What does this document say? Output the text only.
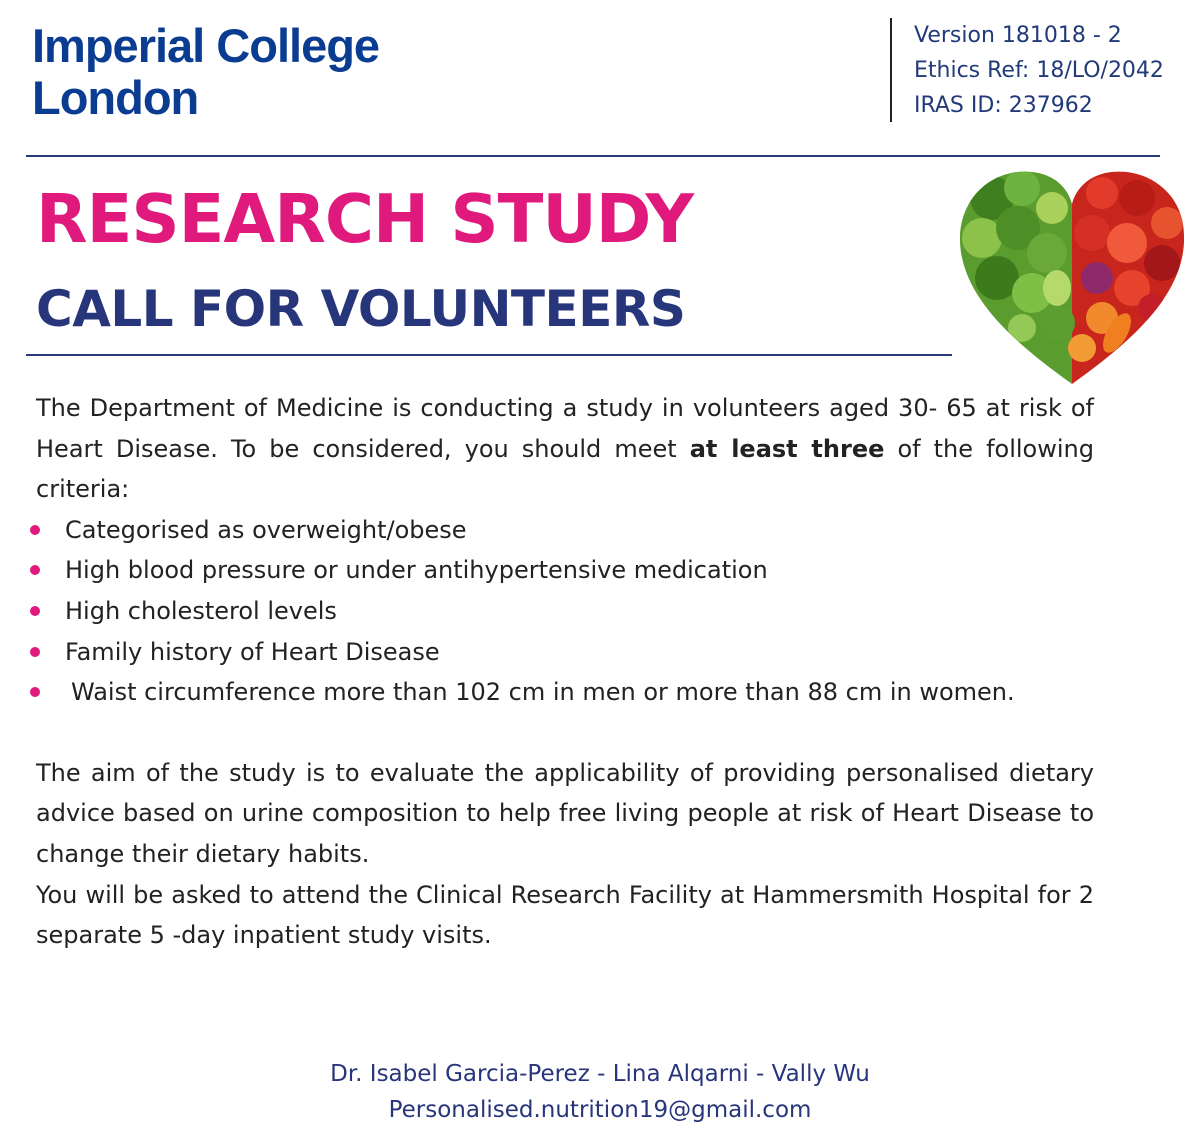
Imperial College
London
Version 181018 - 2
Ethics Ref: 18/LO/2042
IRAS ID: 237962
RESEARCH STUDY
CALL FOR VOLUNTEERS

The Department of Medicine is conducting a study in volunteers aged 30- 65 at risk of Heart Disease. To be considered, you should meet at least three of the following criteria:

Categorised as overweight/obese
High blood pressure or under antihypertensive medication
High cholesterol levels
Family history of Heart Disease
Waist circumference more than 102 cm in men or more than 88 cm in women.

The aim of the study is to evaluate the applicability of providing personalised dietary advice based on urine composition to help free living people at risk of Heart Disease to change their dietary habits.

You will be asked to attend the Clinical Research Facility at Hammersmith Hospital for 2 separate 5 -day inpatient study visits.

Dr. Isabel Garcia-Perez - Lina Alqarni - Vally Wu
Personalised.nutrition19@gmail.com
